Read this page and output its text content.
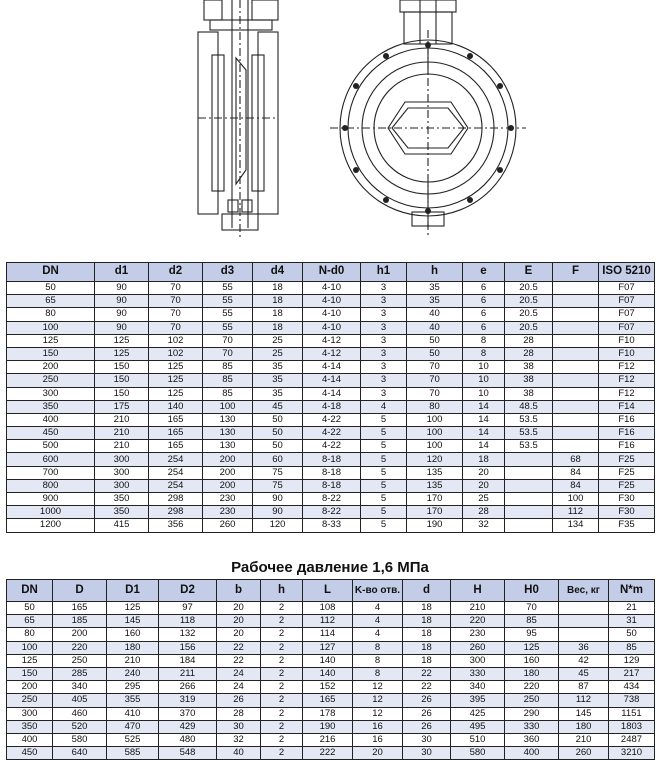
DN	d1	d2	d3	d4	N-d0	h1	h	e	E	F	ISO 5210
50	90	70	55	18	4-10	3	35	6	20.5		F07
65	90	70	55	18	4-10	3	35	6	20.5		F07
80	90	70	55	18	4-10	3	40	6	20.5		F07
100	90	70	55	18	4-10	3	40	6	20.5		F07
125	125	102	70	25	4-12	3	50	8	28		F10
150	125	102	70	25	4-12	3	50	8	28		F10
200	150	125	85	35	4-14	3	70	10	38		F12
250	150	125	85	35	4-14	3	70	10	38		F12
300	150	125	85	35	4-14	3	70	10	38		F12
350	175	140	100	45	4-18	4	80	14	48.5		F14
400	210	165	130	50	4-22	5	100	14	53.5		F16
450	210	165	130	50	4-22	5	100	14	53.5		F16
500	210	165	130	50	4-22	5	100	14	53.5		F16
600	300	254	200	60	8-18	5	120	18		68	F25
700	300	254	200	75	8-18	5	135	20		84	F25
800	300	254	200	75	8-18	5	135	20		84	F25
900	350	298	230	90	8-22	5	170	25		100	F30
1000	350	298	230	90	8-22	5	170	28		112	F30
1200	415	356	260	120	8-33	5	190	32		134	F35
Рабочее давление 1,6 МПа
DN	D	D1	D2	b	h	L	K-во отв.	d	H	H0	Вес, кг	N*m
50	165	125	97	20	2	108	4	18	210	70		21
65	185	145	118	20	2	112	4	18	220	85		31
80	200	160	132	20	2	114	4	18	230	95		50
100	220	180	156	22	2	127	8	18	260	125	36	85
125	250	210	184	22	2	140	8	18	300	160	42	129
150	285	240	211	24	2	140	8	22	330	180	45	217
200	340	295	266	24	2	152	12	22	340	220	87	434
250	405	355	319	26	2	165	12	26	395	250	112	738
300	460	410	370	28	2	178	12	26	425	290	145	1151
350	520	470	429	30	2	190	16	26	495	330	180	1803
400	580	525	480	32	2	216	16	30	510	360	210	2487
450	640	585	548	40	2	222	20	30	580	400	260	3210
